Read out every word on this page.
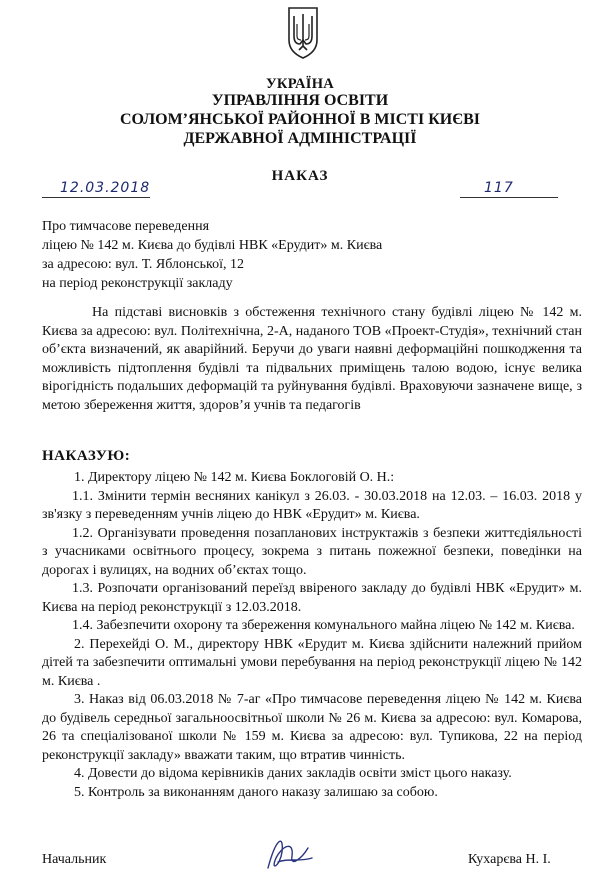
УКРАЇНА
УПРАВЛІННЯ ОСВІТИ
СОЛОМ’ЯНСЬКОЇ РАЙОННОЇ В МІСТІ КИЄВІ
ДЕРЖАВНОЇ АДМІНІСТРАЦІЇ
НАКАЗ
12.03.2018	117
Про тимчасове переведення
ліцею № 142 м. Києва до будівлі НВК «Ерудит» м. Києва
за адресою: вул. Т. Яблонської, 12
на період реконструкції закладу
На підставі висновків з обстеження технічного стану будівлі ліцею № 142 м. Києва за адресою: вул. Політехнічна, 2-А, наданого ТОВ «Проект-Студія», технічний стан об’єкта визначений, як аварійний. Беручи до уваги наявні деформаційні пошкодження та можливість підтоплення будівлі та підвальних приміщень талою водою, існує велика вірогідність подальших деформацій та руйнування будівлі. Враховуючи зазначене вище, з метою збереження життя, здоров’я учнів та педагогів
НАКАЗУЮ:

1. Директору ліцею № 142 м. Києва Боклоговій О. Н.:

1.1. Змінити термін весняних канікул з 26.03. - 30.03.2018 на 12.03. – 16.03. 2018 у зв'язку з переведенням учнів ліцею до НВК «Ерудит» м. Києва.

1.2. Організувати проведення позапланових інструктажів з безпеки життєдіяльності з учасниками освітнього процесу, зокрема з питань пожежної безпеки, поведінки на дорогах і вулицях, на водних об’єктах тощо.

1.3. Розпочати організований переїзд ввіреного закладу до будівлі НВК «Ерудит» м. Києва на період реконструкції з 12.03.2018.

1.4. Забезпечити охорону та збереження комунального майна ліцею № 142 м. Києва.

2. Перехейді О. М., директору НВК «Ерудит м. Києва здійснити належний прийом дітей та забезпечити оптимальні умови перебування на період реконструкції ліцею № 142 м. Києва .

3. Наказ від 06.03.2018 № 7-аг «Про тимчасове переведення ліцею № 142 м. Києва до будівель середньої загальноосвітньої школи № 26 м. Києва за адресою: вул. Комарова, 26 та спеціалізованої школи № 159 м. Києва за адресою: вул. Тупикова, 22 на період реконструкції закладу» вважати таким, що втратив чинність.

4. Довести до відома керівників даних закладів освіти зміст цього наказу.

5. Контроль за виконанням даного наказу залишаю за собою.

Начальник	Кухарєва Н. І.
